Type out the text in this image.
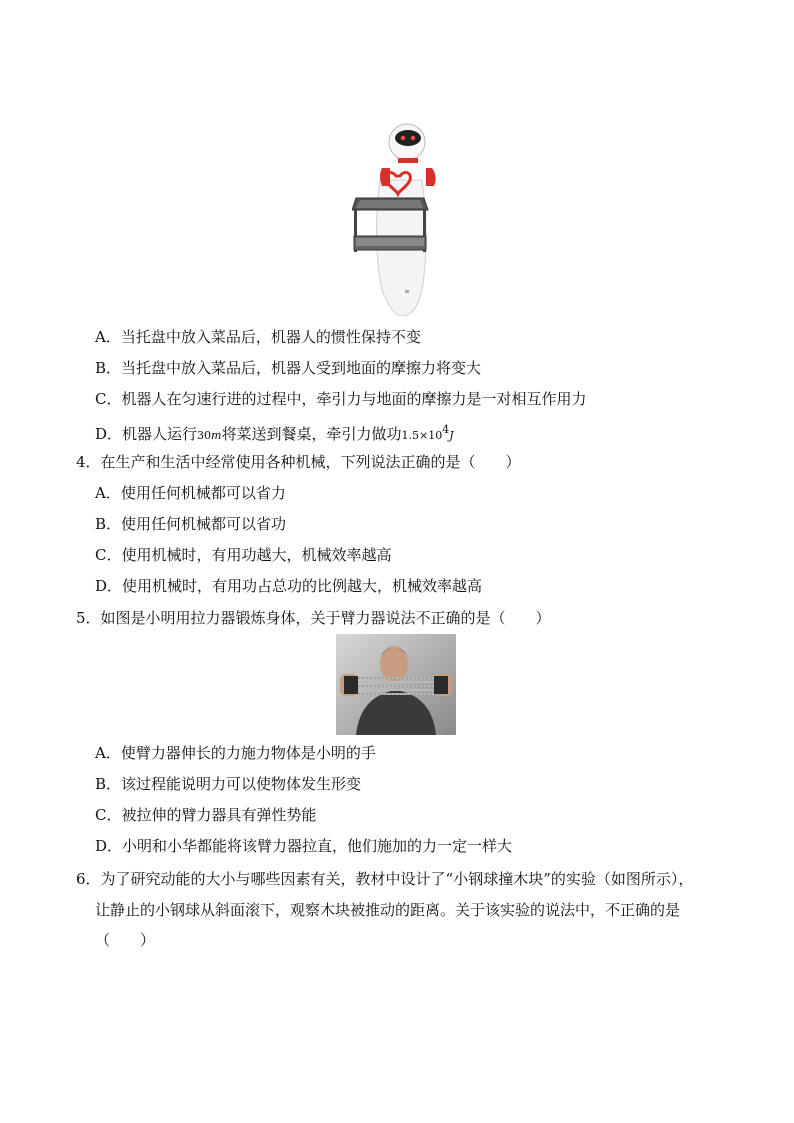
A．当托盘中放入菜品后，机器人的惯性保持不变
B．当托盘中放入菜品后，机器人受到地面的摩擦力将变大
C．机器人在匀速行进的过程中，牵引力与地面的摩擦力是一对相互作用力
D．机器人运行30m将菜送到餐桌，牵引力做功$1.5\times 10^4J$
4．在生产和生活中经常使用各种机械，下列说法正确的是（　　）
A．使用任何机械都可以省力
B．使用任何机械都可以省功
C．使用机械时，有用功越大，机械效率越高
D．使用机械时，有用功占总功的比例越大，机械效率越高
5．如图是小明用拉力器锻炼身体，关于臂力器说法不正确的是（　　）
A．使臂力器伸长的力施力物体是小明的手
B．该过程能说明力可以使物体发生形变
C．被拉伸的臂力器具有弹性势能
D．小明和小华都能将该臂力器拉直，他们施加的力一定一样大
6．为了研究动能的大小与哪些因素有关，教材中设计了“小钢球撞木块”的实验（如图所示），
让静止的小钢球从斜面滚下，观察木块被推动的距离。关于该实验的说法中，不正确的是
（　　）
